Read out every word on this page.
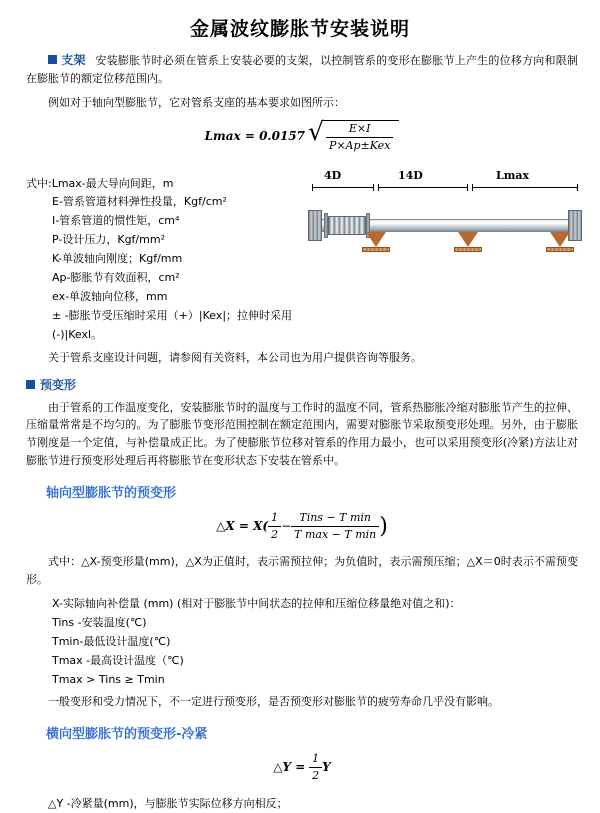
金属波纹膨胀节安装说明

支架 安装膨胀节时必须在管系上安装必要的支架，以控制管系的变形在膨胀节上产生的位移方向和限制在膨胀节的额定位移范围内。

例如对于轴向型膨胀节，它对管系支座的基本要求如图所示：

Lmax = 0.0157 √ $\frac{E\times I}{\text{P×Ap±Kex}}$
式中:Lmax-最大导向间距，m
E-管系管道材料弹性投量，Kgf/cm²
I-管系管道的惯性矩，cm⁴
P-设计压力，Kgf/mm²
K-单波轴向刚度；Kgf/mm
Ap-膨胀节有效面积，cm²
ex-单波轴向位移，mm
± -膨胀节受压缩时采用（+）|Kex|；拉伸时采用(-)|Kexl。
4D	14D	Lmax

关于管系支座设计问题，请参阅有关资料，本公司也为用户提供咨询等服务。

预变形

由于管系的工作温度变化，安装膨胀节时的温度与工作时的温度不同，管系热膨胀冷缩对膨胀节产生的拉伸、压缩量常常是不均匀的。为了膨胀节变形范围控制在额定范围内，需要对膨胀节采取预变形处理。另外，由于膨胀节刚度是一个定值，与补偿量成正比。为了使膨胀节位移对管系的作用力最小，也可以采用预变形(冷紧)方法让对膨胀节进行预变形处理后再将膨胀节在变形状态下安装在管系中。

轴向型膨胀节的预变形
△X = $X( \frac{1}{2} - \frac{\text{Tins − T min}}{\text{T max − T min}}$ )

式中：△X-预变形量(mm)，△X为正值时，表示需预拉伸；为负值时，表示需预压缩；△X＝0时表示不需预变形。

X-实际轴向补偿量 (mm) (相对于膨胀节中间状态的拉伸和压缩位移量绝对值之和)：
Tins -安装温度(℃)
Tmin-最低设计温度(℃)
Tmax -最高设计温度（℃)
Tmax > Tins ≥ Tmin

一般变形和受力情况下，不一定进行预变形，是否预变形对膨胀节的疲劳寿命几乎没有影响。

横向型膨胀节的预变形-冷紧
△Y = $\frac{1}{2}$ Y

△Y -冷紧量(mm)，与膨胀节实际位移方向相反；
